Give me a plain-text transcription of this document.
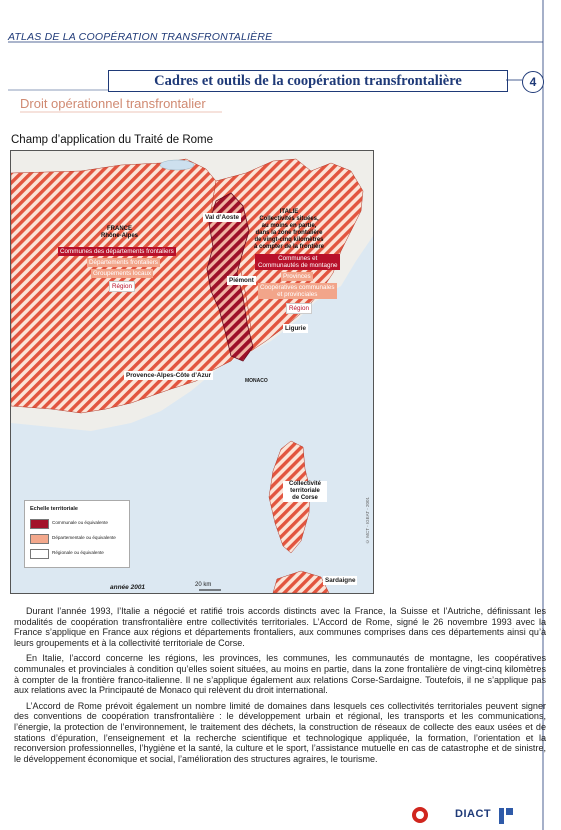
ATLAS DE LA COOPÉRATION TRANSFRONTALIÈRE
Cadres et outils de la coopération transfrontalière	4
Droit opérationnel transfrontalier
Champ d’application du Traité de Rome
FRANCE
Rhône-Alpes
Communes des départements frontaliers
Départements frontaliers
Groupements locaux
Région
ITALIE
Collectivités situées,
au moins en partie,
dans la zone frontalière
de vingt-cinq kilomètres
à compter de la frontière
Communes et
Communautés de montagne
Provinces
Coopératives communales
et provinciales
Région
Val d’Aoste
Piémont
Ligurie
Provence-Alpes-Côte d’Azur
MONACO
Collectivité
territoriale
de Corse
Sardaigne
© MCT - IGEAT - 2001
Echelle territoriale
Communale ou équivalente
Départementale ou équivalente
Régionale ou équivalente
année 2001	20 km

Durant l’année 1993, l’Italie a négocié et ratifié trois accords distincts avec la France, la Suisse et l’Autriche, définissant les modalités de coopération transfrontalière entre collectivités territoriales. L’Accord de Rome, signé le 26 novembre 1993 avec la France s’applique en France aux régions et départements frontaliers, aux communes comprises dans ces départements ainsi qu’à leurs groupements et à la collectivité territoriale de Corse.

En Italie, l’accord concerne les régions, les provinces, les communes, les communautés de montagne, les coopératives communales et provinciales à condition qu’elles soient situées, au moins en partie, dans la zone frontalière de vingt-cinq kilomètres à compter de la frontière franco-italienne. Il ne s’applique également aux relations Corse-Sardaigne. Toutefois, il ne s’applique pas aux relations avec la Principauté de Monaco qui relèvent du droit international.

L’Accord de Rome prévoit également un nombre limité de domaines dans lesquels ces collectivités territoriales peuvent signer des conventions de coopération transfrontalière : le développement urbain et régional, les transports et les communications, l’énergie, la protection de l’environnement, le traitement des déchets, la construction de réseaux de collecte des eaux usées et de stations d’épuration, l’enseignement et la recherche scientifique et technologique appliquée, la formation, l’orientation et la reconversion professionnelles, l’hygiène et la santé, la culture et le sport, l’assistance mutuelle en cas de catastrophe et de sinistre, le développement économique et social, l’amélioration des structures agraires, le tourisme.

DIACT
